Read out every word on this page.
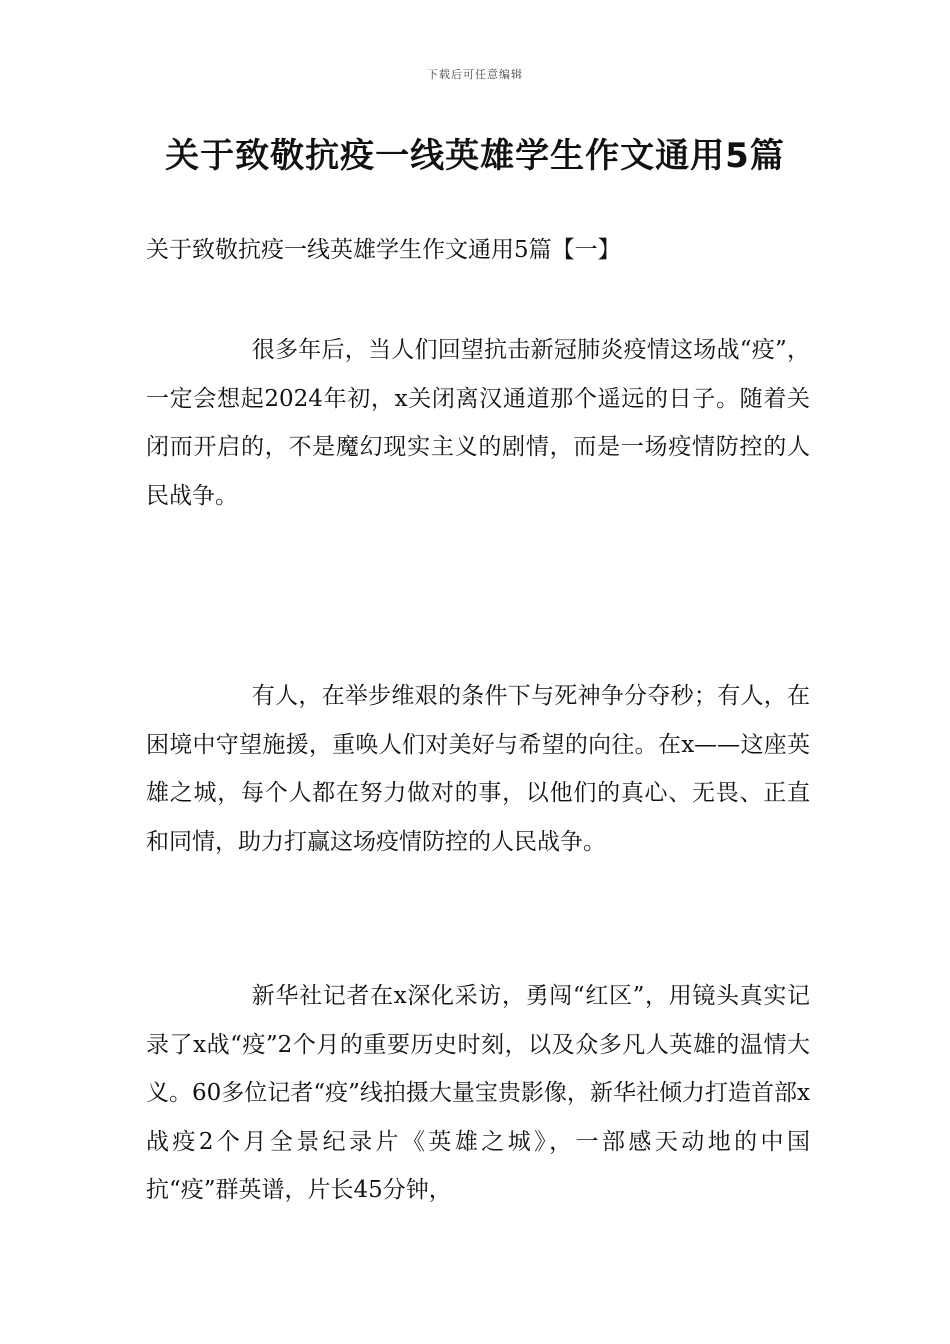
下载后可任意编辑
关于致敬抗疫一线英雄学生作文通用5篇
关于致敬抗疫一线英雄学生作文通用5篇【一】
很多年后，当人们回望抗击新冠肺炎疫情这场战“疫”，一定会想起2024年初，x关闭离汉通道那个遥远的日子。随着关闭而开启的，不是魔幻现实主义的剧情，而是一场疫情防控的人民战争。
有人，在举步维艰的条件下与死神争分夺秒；有人，在困境中守望施援，重唤人们对美好与希望的向往。在x——这座英雄之城，每个人都在努力做对的事，以他们的真心、无畏、正直和同情，助力打赢这场疫情防控的人民战争。
新华社记者在x深化采访，勇闯“红区”，用镜头真实记录了x战“疫”2个月的重要历史时刻，以及众多凡人英雄的温情大义。60多位记者“疫”线拍摄大量宝贵影像，新华社倾力打造首部x战疫2个月全景纪录片《英雄之城》，一部感天动地的中国抗“疫”群英谱，片长45分钟，
